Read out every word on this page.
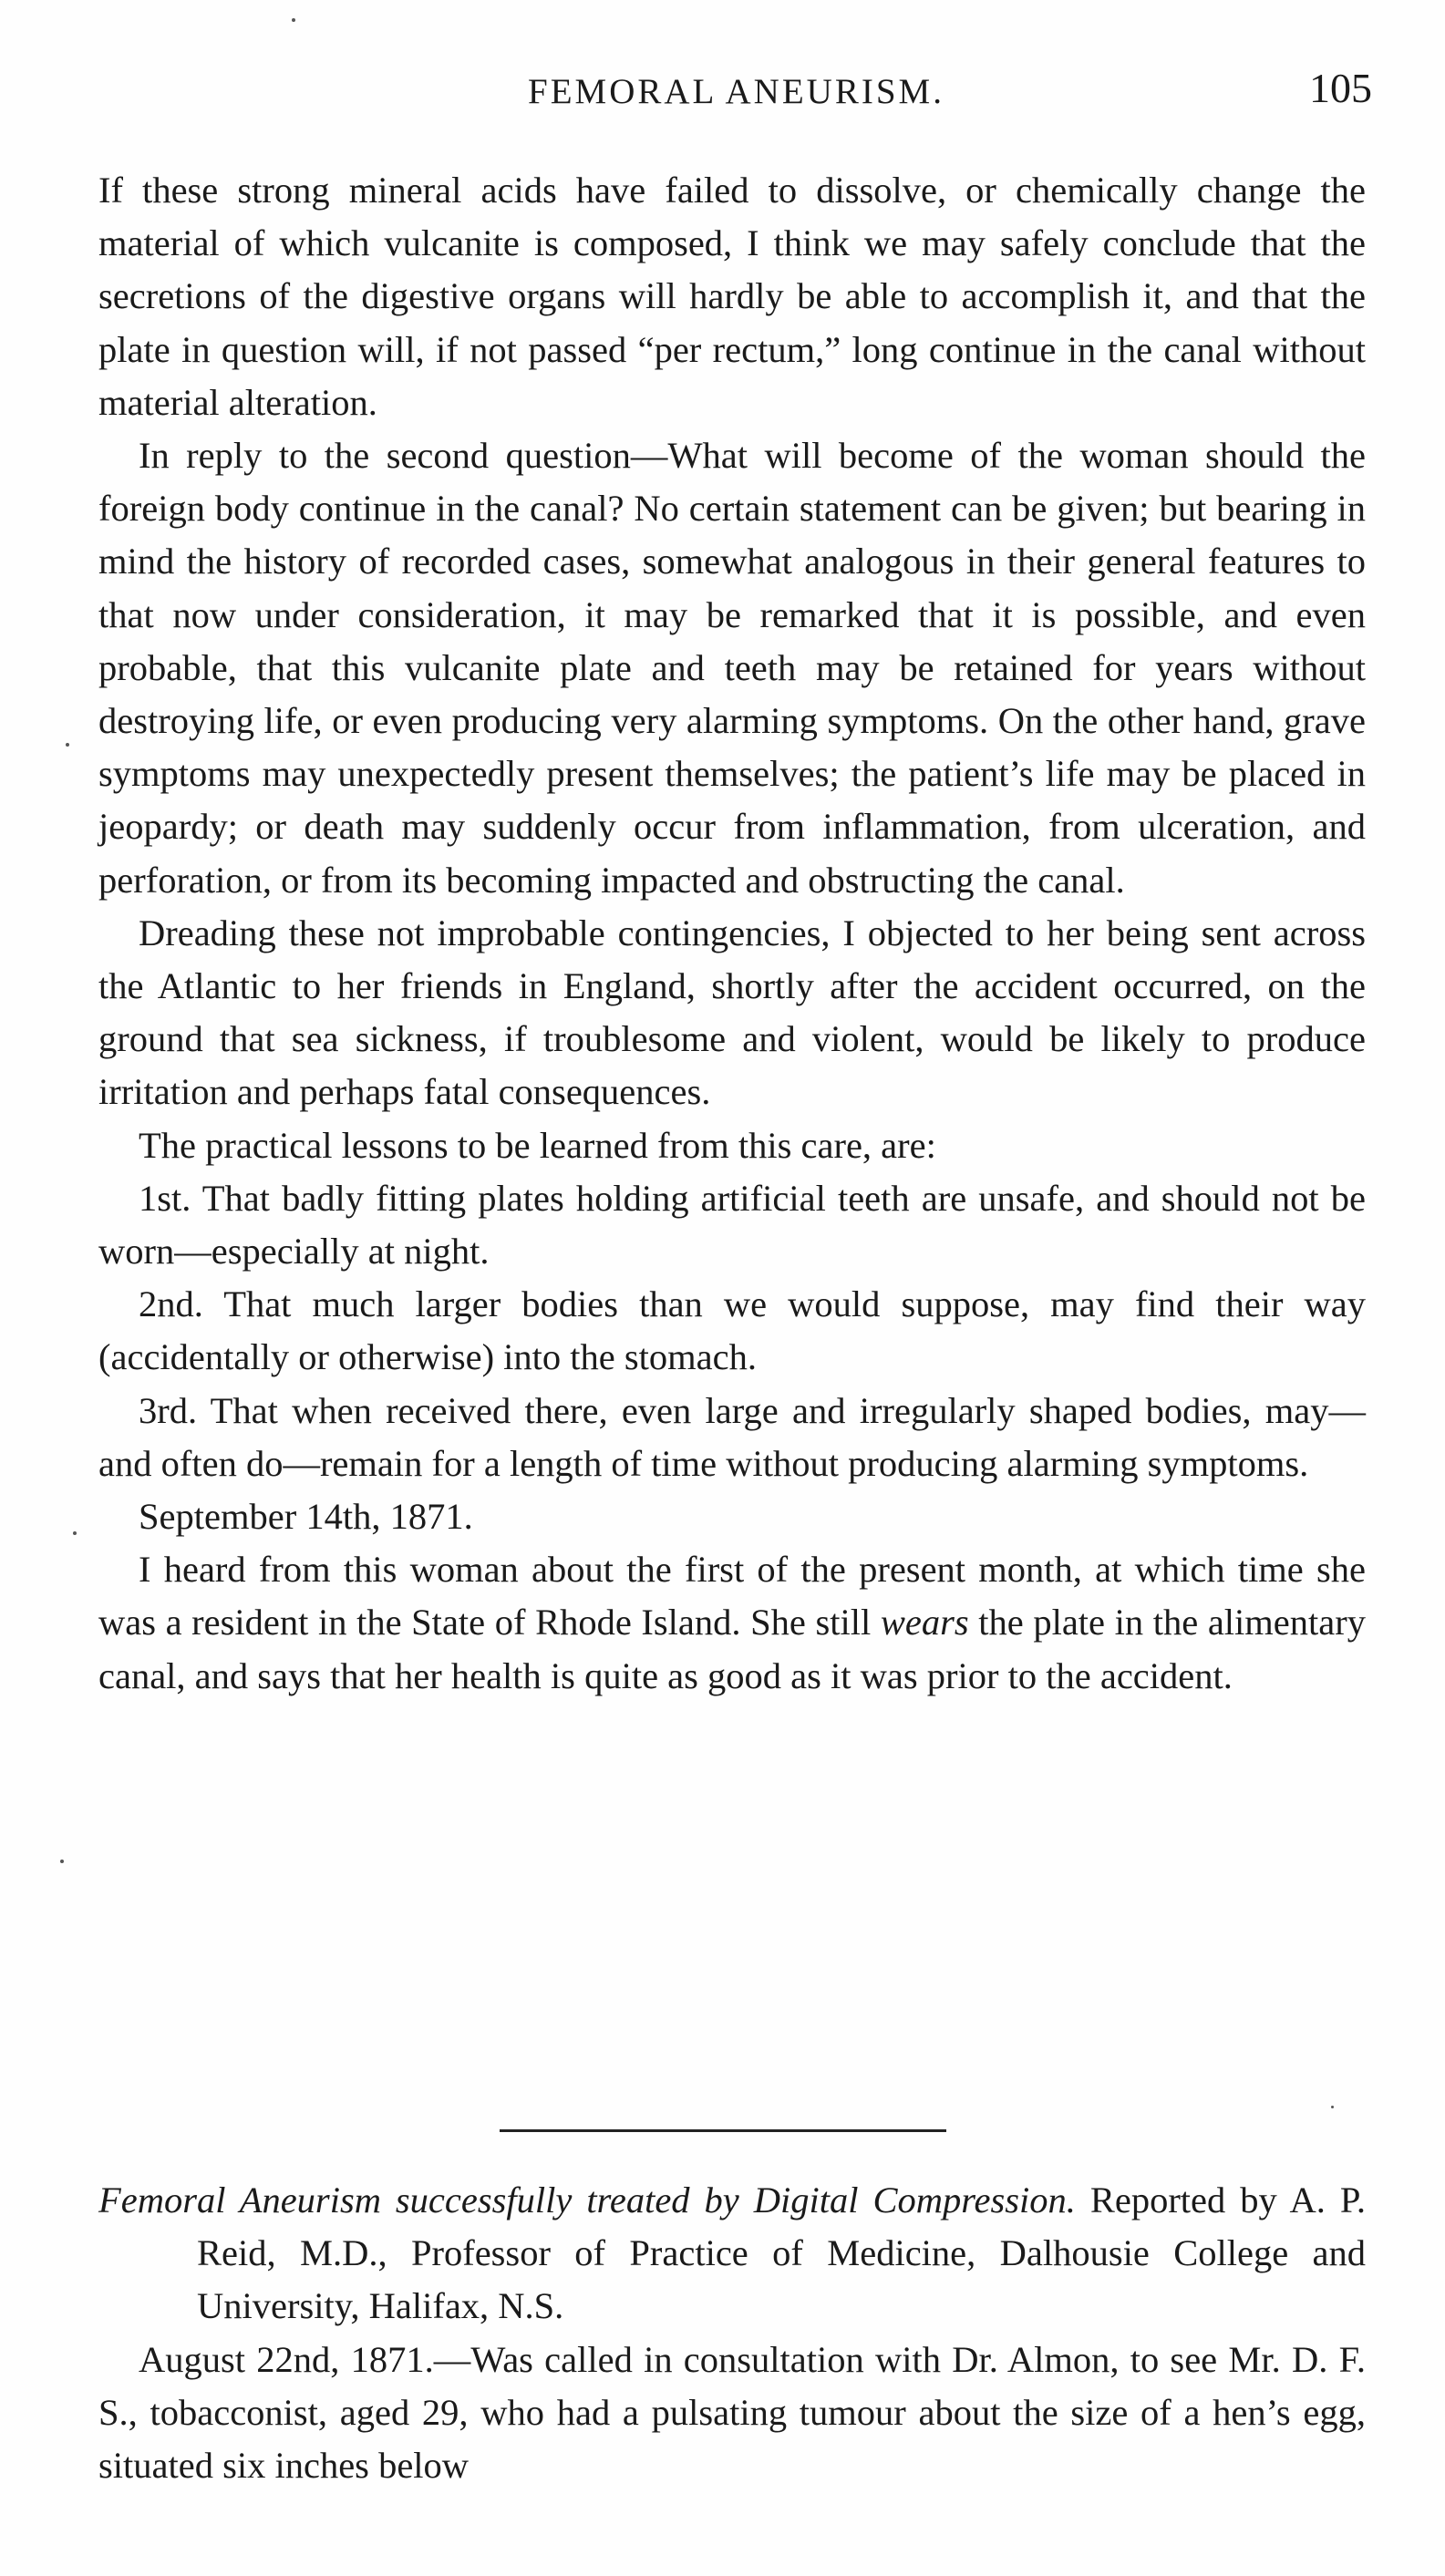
FEMORAL ANEURISM.	105

If these strong mineral acids have failed to dissolve, or chemically change the material of which vulcanite is composed, I think we may safely conclude that the secretions of the digestive organs will hardly be able to accomplish it, and that the plate in question will, if not passed “per rectum,” long continue in the canal without material alteration.

In reply to the second question—What will become of the woman should the foreign body continue in the canal? No certain statement can be given; but bearing in mind the history of recorded cases, somewhat analogous in their general features to that now under consideration, it may be remarked that it is possible, and even probable, that this vulcanite plate and teeth may be retained for years without destroying life, or even producing very alarming symptoms. On the other hand, grave symptoms may unexpectedly present themselves; the patient’s life may be placed in jeopardy; or death may suddenly occur from inflammation, from ulceration, and perforation, or from its becoming impacted and obstructing the canal.

Dreading these not improbable contingencies, I objected to her being sent across the Atlantic to her friends in England, shortly after the accident occurred, on the ground that sea sickness, if troublesome and violent, would be likely to produce irritation and perhaps fatal consequences.

The practical lessons to be learned from this care, are:

1st. That badly fitting plates holding artificial teeth are unsafe, and should not be worn—especially at night.

2nd. That much larger bodies than we would suppose, may find their way (accidentally or otherwise) into the stomach.

3rd. That when received there, even large and irregularly shaped bodies, may—and often do—remain for a length of time without producing alarming symptoms.

September 14th, 1871.

I heard from this woman about the first of the present month, at which time she was a resident in the State of Rhode Island. She still wears the plate in the alimentary canal, and says that her health is quite as good as it was prior to the accident.

Femoral Aneurism successfully treated by Digital Compression. Reported by A. P. Reid, M.D., Professor of Practice of Medicine, Dalhousie College and University, Halifax, N.S.

August 22nd, 1871.—Was called in consultation with Dr. Almon, to see Mr. D. F. S., tobacconist, aged 29, who had a pulsating tumour about the size of a hen’s egg, situated six inches below
